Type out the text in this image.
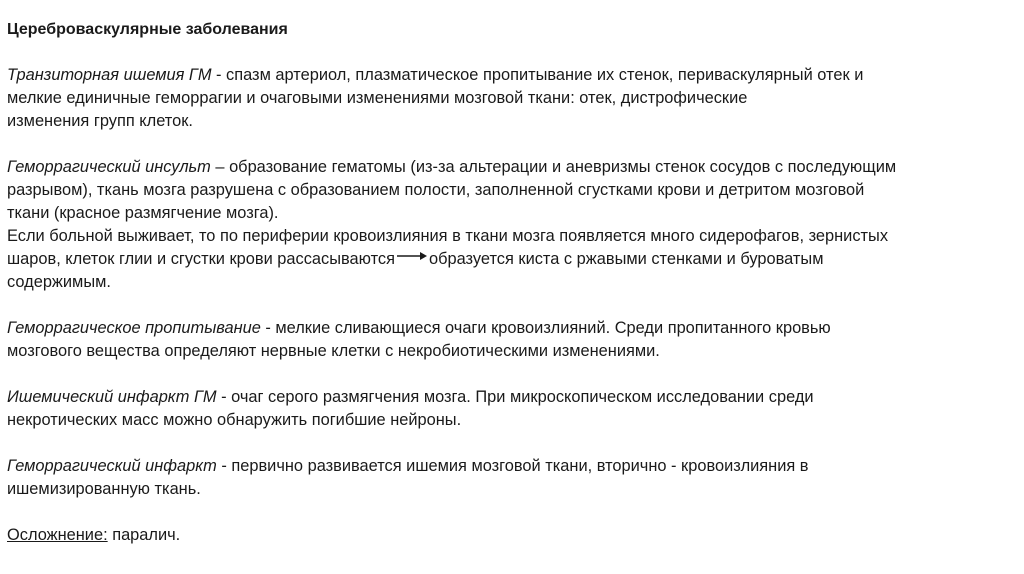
Цереброваскулярные заболевания
Транзиторная ишемия ГМ - спазм артериол, плазматическое пропитывание их стенок, периваскулярный отек и
мелкие единичные геморрагии и очаговыми изменениями мозговой ткани: отек, дистрофические
изменения групп клеток.
Геморрагический инсульт – образование гематомы (из-за альтерации и аневризмы стенок сосудов с последующим
разрывом), ткань мозга разрушена с образованием полости, заполненной сгустками крови и детритом мозговой
ткани (красное размягчение мозга).
Если больной выживает, то по периферии кровоизлияния в ткани мозга появляется много сидерофагов, зернистых
шаров, клеток глии и сгустки крови рассасываются образуется киста с ржавыми стенками и буроватым
содержимым.
Геморрагическое пропитывание - мелкие сливающиеся очаги кровоизлияний. Среди пропитанного кровью
мозгового вещества определяют нервные клетки с некробиотическими изменениями.
Ишемический инфаркт ГМ - очаг серого размягчения мозга. При микроскопическом исследовании среди
некротических масс можно обнаружить погибшие нейроны.
Геморрагический инфаркт - первично развивается ишемия мозговой ткани, вторично - кровоизлияния в
ишемизированную ткань.
Осложнение: паралич.
